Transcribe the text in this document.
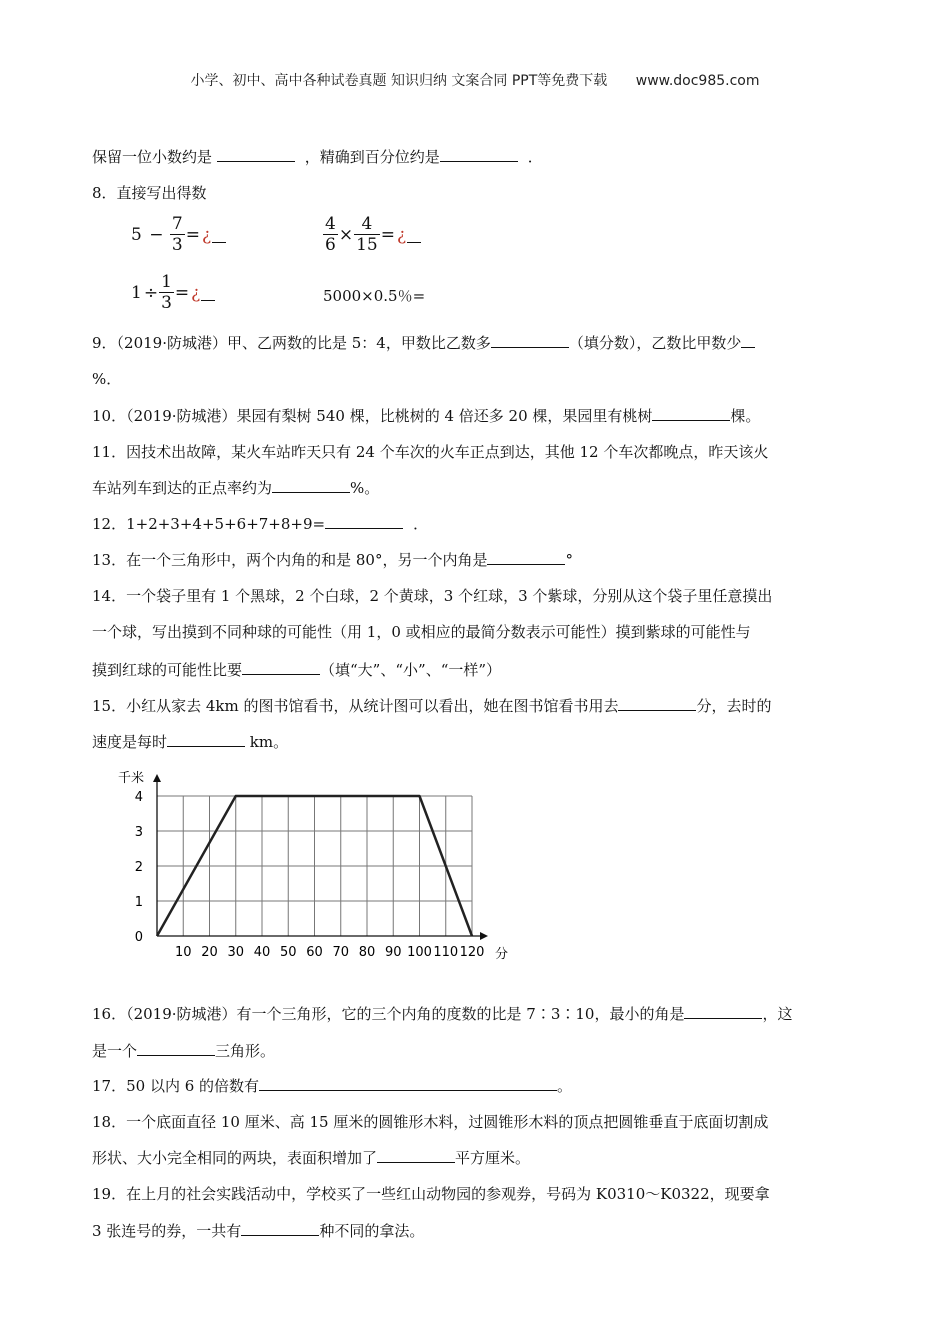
小学、初中、高中各种试卷真题 知识归纳 文案合同 PPT等免费下载 www.doc985.com
保留一位小数约是	，精确到百分位约是	．
8．直接写出得数
$5 - \frac{7}{3}$ = ¿	$\frac{4}{6} \times \frac{4}{15}$ = ¿
$1 \div \frac{1}{3}$ = ¿	5000×0.5％=
9．（2019·防城港）甲、乙两数的比是 5：4，甲数比乙数多	（填分数），乙数比甲数少
%．
10．（2019·防城港）果园有梨树 540 棵，比桃树的 4 倍还多 20 棵，果园里有桃树	棵。
11．因技术出故障，某火车站昨天只有 24 个车次的火车正点到达，其他 12 个车次都晚点，昨天该火
车站列车到达的正点率约为	%。
12．1+2+3+4+5+6+7+8+9=	．
13．在一个三角形中，两个内角的和是 80°，另一个内角是	°
14．一个袋子里有 1 个黑球，2 个白球，2 个黄球，3 个红球，3 个紫球，分别从这个袋子里任意摸出
一个球，写出摸到不同种球的可能性（用 1，0 或相应的最简分数表示可能性）摸到紫球的可能性与
摸到红球的可能性比要	（填“大”、“小”、“一样”）
15．小红从家去 4km 的图书馆看书，从统计图可以看出，她在图书馆看书用去	分，去时的
速度是每时	km。
10 20 30 40 50 60 70 80 90 100 110 120
0
1
2
3
4
千米
分
16．（2019·防城港）有一个三角形，它的三个内角的度数的比是 7∶3∶10，最小的角是	，这
是一个	三角形。
17．50 以内 6 的倍数有	。
18．一个底面直径 10 厘米、高 15 厘米的圆锥形木料，过圆锥形木料的顶点把圆锥垂直于底面切割成
形状、大小完全相同的两块，表面积增加了	平方厘米。
19．在上月的社会实践活动中，学校买了一些红山动物园的参观券，号码为 K0310～K0322，现要拿
3 张连号的券，一共有	种不同的拿法。
